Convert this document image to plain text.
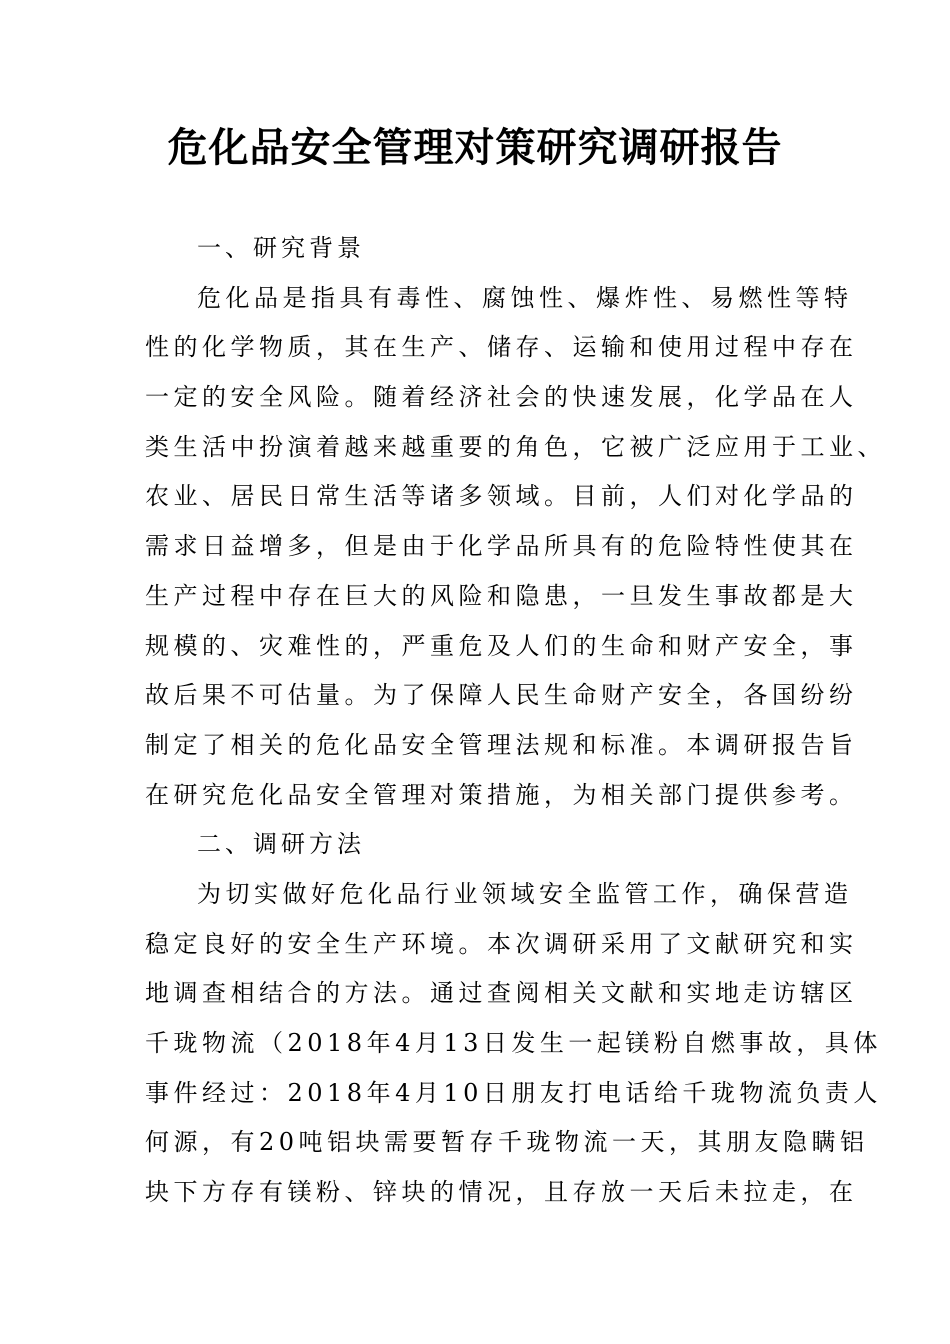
危化品安全管理对策研究调研报告
一、研究背景
危化品是指具有毒性、腐蚀性、爆炸性、易燃性等特
性的化学物质，其在生产、储存、运输和使用过程中存在
一定的安全风险。随着经济社会的快速发展，化学品在人
类生活中扮演着越来越重要的角色，它被广泛应用于工业、
农业、居民日常生活等诸多领域。目前，人们对化学品的
需求日益增多，但是由于化学品所具有的危险特性使其在
生产过程中存在巨大的风险和隐患，一旦发生事故都是大
规模的、灾难性的，严重危及人们的生命和财产安全，事
故后果不可估量。为了保障人民生命财产安全，各国纷纷
制定了相关的危化品安全管理法规和标准。本调研报告旨
在研究危化品安全管理对策措施，为相关部门提供参考。
二、调研方法
为切实做好危化品行业领域安全监管工作，确保营造
稳定良好的安全生产环境。本次调研采用了文献研究和实
地调查相结合的方法。通过查阅相关文献和实地走访辖区
千珑物流（2018年4月13日发生一起镁粉自燃事故，具体
事件经过：2018年4月10日朋友打电话给千珑物流负责人
何源，有20吨铝块需要暂存千珑物流一天，其朋友隐瞒铝
块下方存有镁粉、锌块的情况，且存放一天后未拉走，在
